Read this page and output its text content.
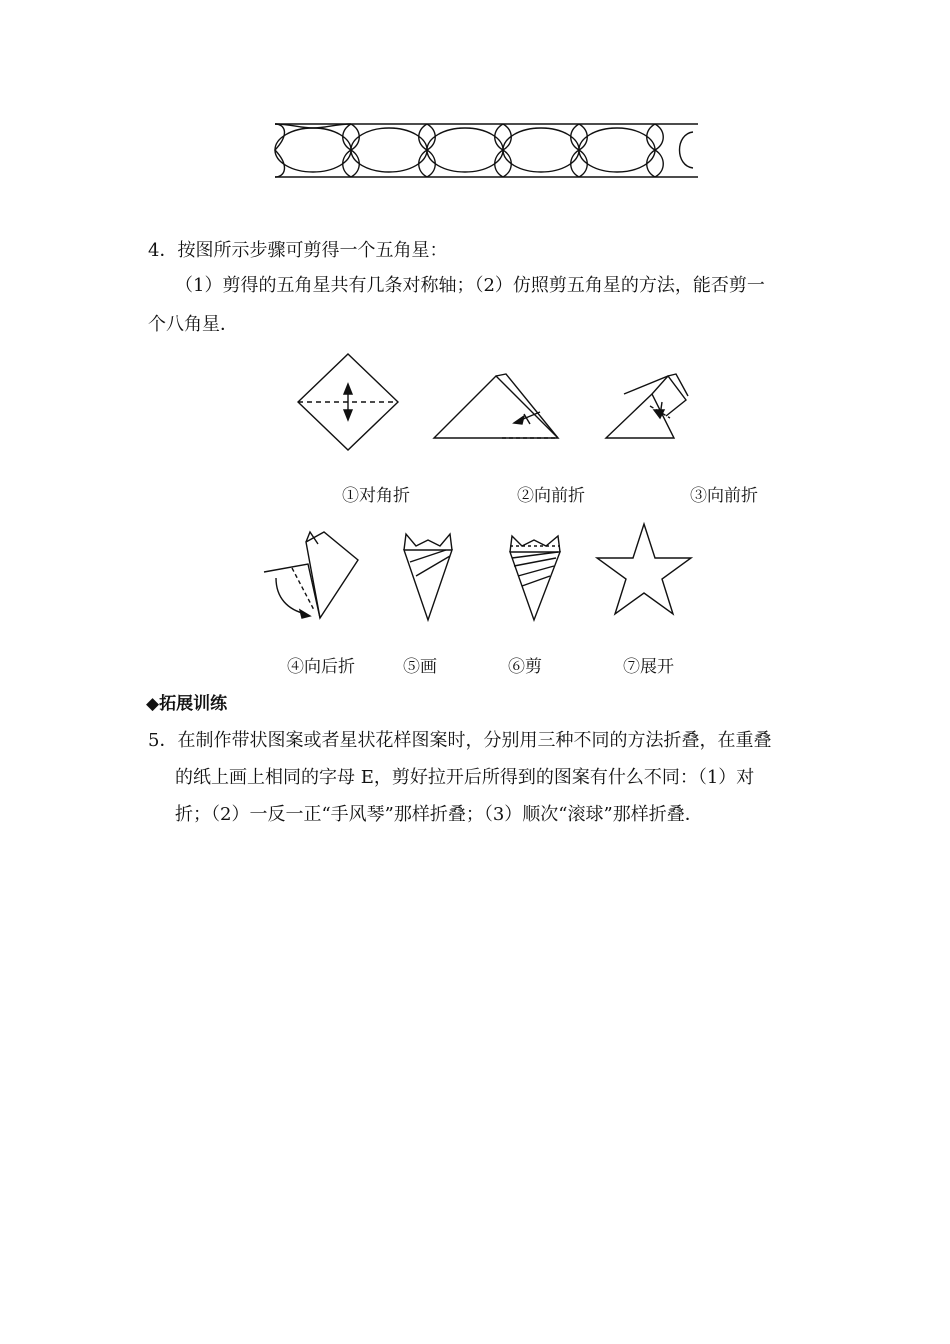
4．按图所示步骤可剪得一个五角星：
（1）剪得的五角星共有几条对称轴；（2）仿照剪五角星的方法，能否剪一
个八角星．
①对角折	②向前折	③向前折
④向后折	⑤画	⑥剪	⑦展开
◆拓展训练
5．在制作带状图案或者星状花样图案时，分别用三种不同的方法折叠，在重叠
的纸上画上相同的字母 E，剪好拉开后所得到的图案有什么不同：（1）对
折；（2）一反一正“手风琴”那样折叠；（3）顺次“滚球”那样折叠．
